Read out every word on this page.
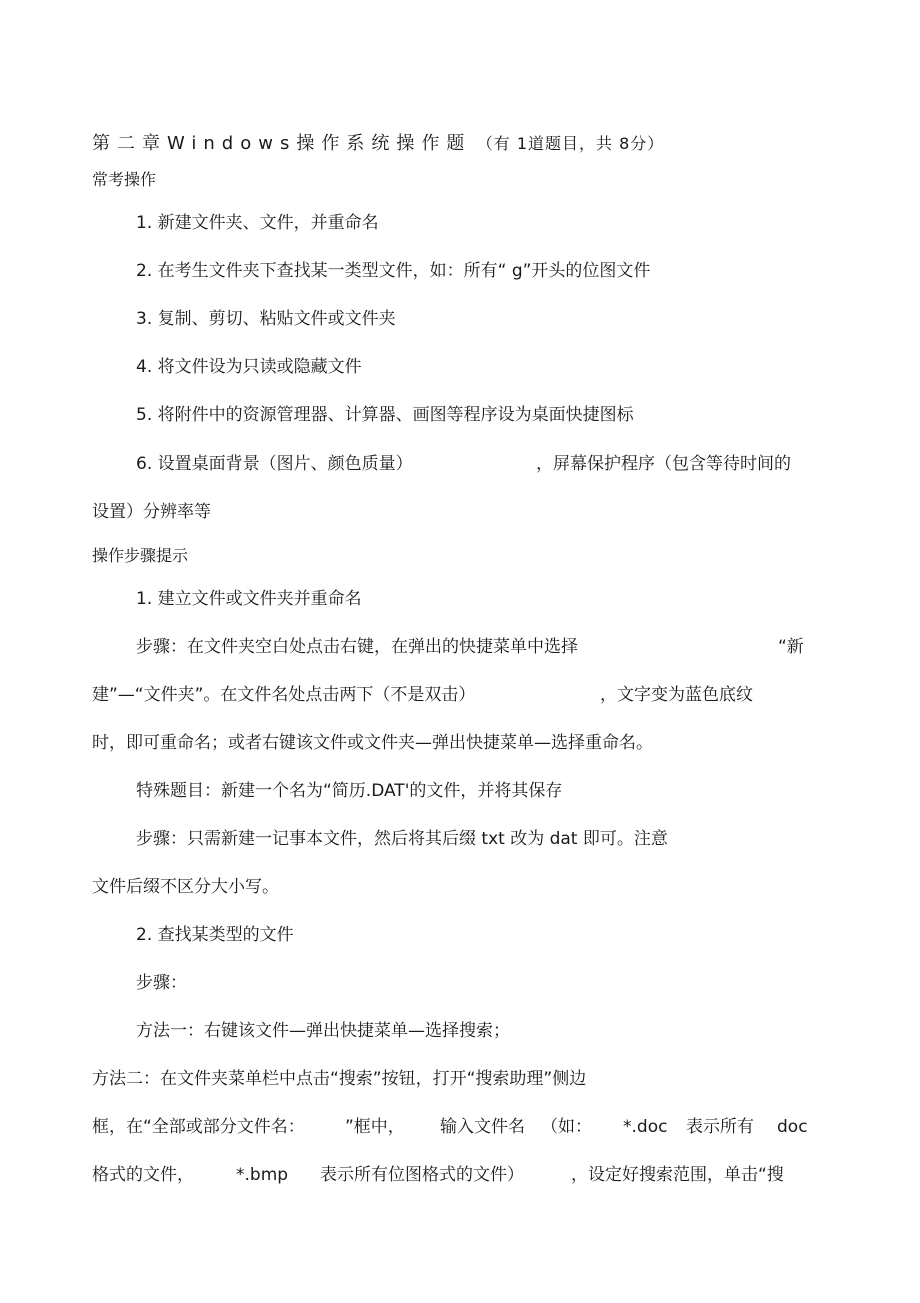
第二章Windows操作系统操作题 （有 1道题目，共 8分）
常考操作
1. 新建文件夹、文件，并重命名
2. 在考生文件夹下查找某一类型文件，如：所有“ g”开头的位图文件
3. 复制、剪切、粘贴文件或文件夹
4. 将文件设为只读或隐藏文件
5. 将附件中的资源管理器、计算器、画图等程序设为桌面快捷图标
6. 设置桌面背景（图片、颜色质量）	，屏幕保护程序（包含等待时间的
设置）分辨率等
操作步骤提示
1. 建立文件或文件夹并重命名
步骤：在文件夹空白处点击右键，在弹出的快捷菜单中选择	“新
建”—“文件夹”。在文件名处点击两下（不是双击）	，文字变为蓝色底纹
时，即可重命名；或者右键该文件或文件夹—弹出快捷菜单—选择重命名。
特殊题目：新建一个名为“简历.DAT'的文件，并将其保存
步骤：只需新建一记事本文件，然后将其后缀 txt 改为 dat 即可。注意
文件后缀不区分大小写。
2. 查找某类型的文件
步骤：
方法一：右键该文件—弹出快捷菜单—选择搜索；
方法二：在文件夹菜单栏中点击“搜索”按钮，打开“搜索助理”侧边
框，在“全部或部分文件名： ”框中， 输入文件名 （如： *.doc 表示所有 doc
格式的文件， *.bmp 表示所有位图格式的文件）	，设定好搜索范围，单击“搜
